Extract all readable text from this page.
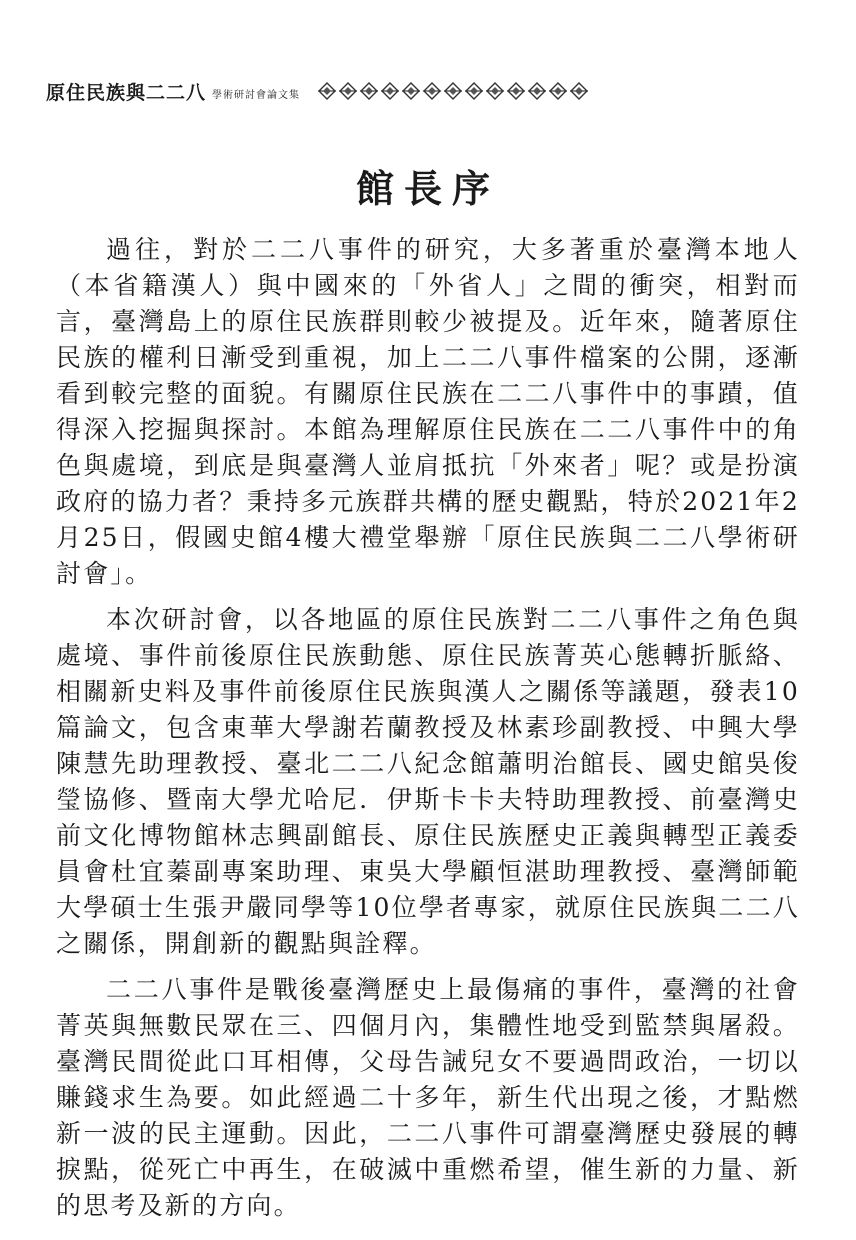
原住民族與二二八 學術研討會論文集
館長序

過往，對於二二八事件的研究，大多著重於臺灣本地人（本省籍漢人）與中國來的「外省人」之間的衝突，相對而言，臺灣島上的原住民族群則較少被提及。近年來，隨著原住民族的權利日漸受到重視，加上二二八事件檔案的公開，逐漸看到較完整的面貌。有關原住民族在二二八事件中的事蹟，值得深入挖掘與探討。本館為理解原住民族在二二八事件中的角色與處境，到底是與臺灣人並肩抵抗「外來者」呢？或是扮演政府的協力者？秉持多元族群共構的歷史觀點，特於2021年2月25日，假國史館4樓大禮堂舉辦「原住民族與二二八學術研討會」。

本次研討會，以各地區的原住民族對二二八事件之角色與處境、事件前後原住民族動態、原住民族菁英心態轉折脈絡、相關新史料及事件前後原住民族與漢人之關係等議題，發表10篇論文，包含東華大學謝若蘭教授及林素珍副教授、中興大學陳慧先助理教授、臺北二二八紀念館蕭明治館長、國史館吳俊瑩協修、暨南大學尤哈尼．伊斯卡卡夫特助理教授、前臺灣史前文化博物館林志興副館長、原住民族歷史正義與轉型正義委員會杜宜蓁副專案助理、東吳大學顧恒湛助理教授、臺灣師範大學碩士生張尹嚴同學等10位學者專家，就原住民族與二二八之關係，開創新的觀點與詮釋。

二二八事件是戰後臺灣歷史上最傷痛的事件，臺灣的社會菁英與無數民眾在三、四個月內，集體性地受到監禁與屠殺。臺灣民間從此口耳相傳，父母告誡兒女不要過問政治，一切以賺錢求生為要。如此經過二十多年，新生代出現之後，才點燃新一波的民主運動。因此，二二八事件可謂臺灣歷史發展的轉捩點，從死亡中再生，在破滅中重燃希望，催生新的力量、新的思考及新的方向。
